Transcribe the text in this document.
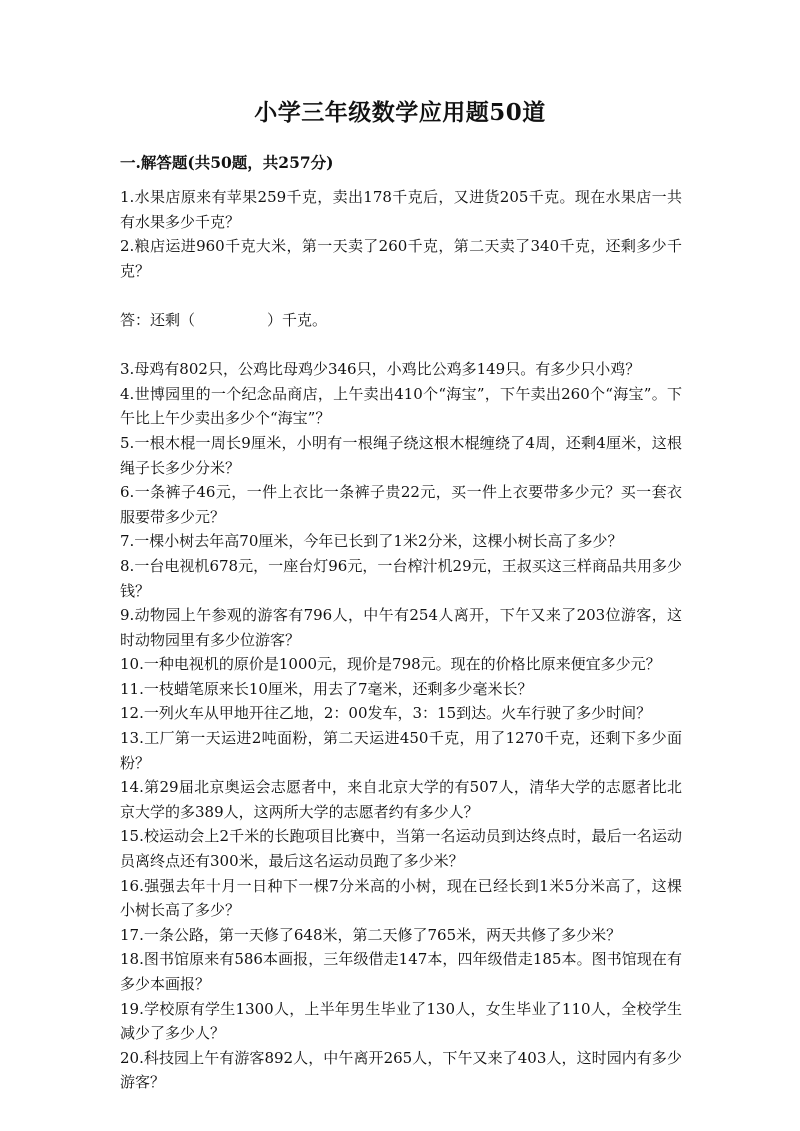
小学三年级数学应用题50道
一.解答题(共50题，共257分)

1.水果店原来有苹果259千克，卖出178千克后，又进货205千克。现在水果店一共有水果多少千克？

2.粮店运进960千克大米，第一天卖了260千克，第二天卖了340千克，还剩多少千克？

答：还剩（	）千克。

3.母鸡有802只，公鸡比母鸡少346只，小鸡比公鸡多149只。有多少只小鸡？

4.世博园里的一个纪念品商店，上午卖出410个“海宝”，下午卖出260个“海宝”。下午比上午少卖出多少个“海宝”？

5.一根木棍一周长9厘米，小明有一根绳子绕这根木棍缠绕了4周，还剩4厘米，这根绳子长多少分米？

6.一条裤子46元，一件上衣比一条裤子贵22元，买一件上衣要带多少元？买一套衣服要带多少元？

7.一棵小树去年高70厘米，今年已长到了1米2分米，这棵小树长高了多少？

8.一台电视机678元，一座台灯96元，一台榨汁机29元，王叔买这三样商品共用多少钱？

9.动物园上午参观的游客有796人，中午有254人离开，下午又来了203位游客，这时动物园里有多少位游客？

10.一种电视机的原价是1000元，现价是798元。现在的价格比原来便宜多少元？

11.一枝蜡笔原来长10厘米，用去了7毫米，还剩多少毫米长？

12.一列火车从甲地开往乙地，2：00发车，3：15到达。火车行驶了多少时间？

13.工厂第一天运进2吨面粉，第二天运进450千克，用了1270千克，还剩下多少面粉？

14.第29届北京奥运会志愿者中，来自北京大学的有507人，清华大学的志愿者比北京大学的多389人，这两所大学的志愿者约有多少人？

15.校运动会上2千米的长跑项目比赛中，当第一名运动员到达终点时，最后一名运动员离终点还有300米，最后这名运动员跑了多少米？

16.强强去年十月一日种下一棵7分米高的小树，现在已经长到1米5分米高了，这棵小树长高了多少？

17.一条公路，第一天修了648米，第二天修了765米，两天共修了多少米？

18.图书馆原来有586本画报，三年级借走147本，四年级借走185本。图书馆现在有多少本画报？

19.学校原有学生1300人，上半年男生毕业了130人，女生毕业了110人，全校学生减少了多少人？

20.科技园上午有游客892人，中午离开265人，下午又来了403人，这时园内有多少游客？
